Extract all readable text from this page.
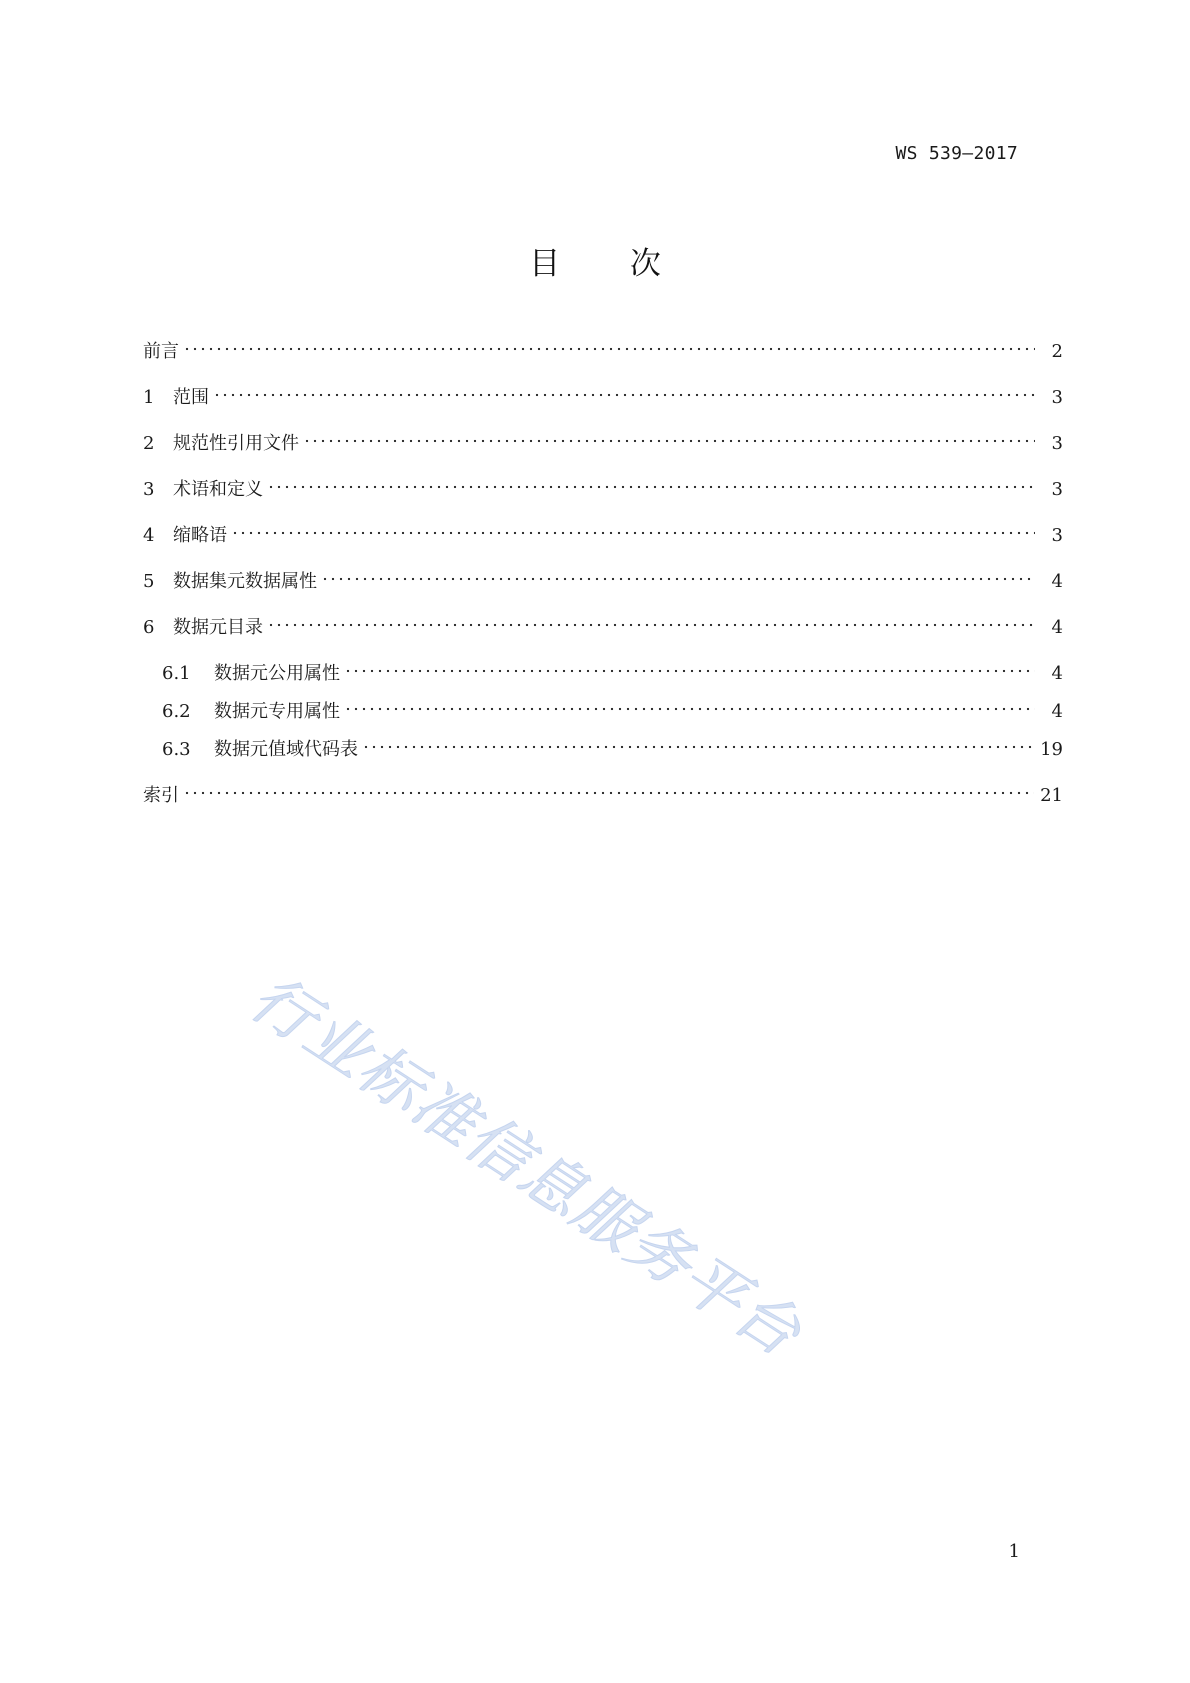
WS 539—2017
目 次
前言	2
1	范围	3
2	规范性引用文件	3
3	术语和定义	3
4	缩略语	3
5	数据集元数据属性	4
6	数据元目录	4
6.1	数据元公用属性	4
6.2	数据元专用属性	4
6.3	数据元值域代码表	19
索引	21
行业标准信息服务平台
1
